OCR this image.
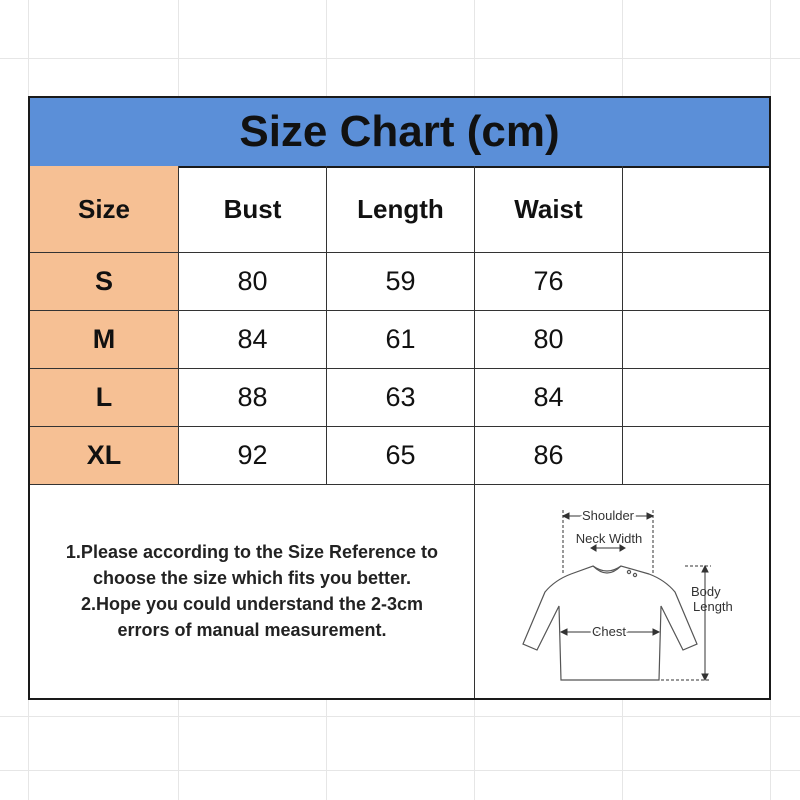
Size Chart (cm)
Size	Bust	Length	Waist
S	80	59	76
M	84	61	80
L	88	63	84
XL	92	65	86
1.Please according to the Size Reference to
choose the size which fits you better.
2.Hope you could understand the 2-3cm
errors of manual measurement.
Shoulder
Neck Width
Chest
Body
Length
